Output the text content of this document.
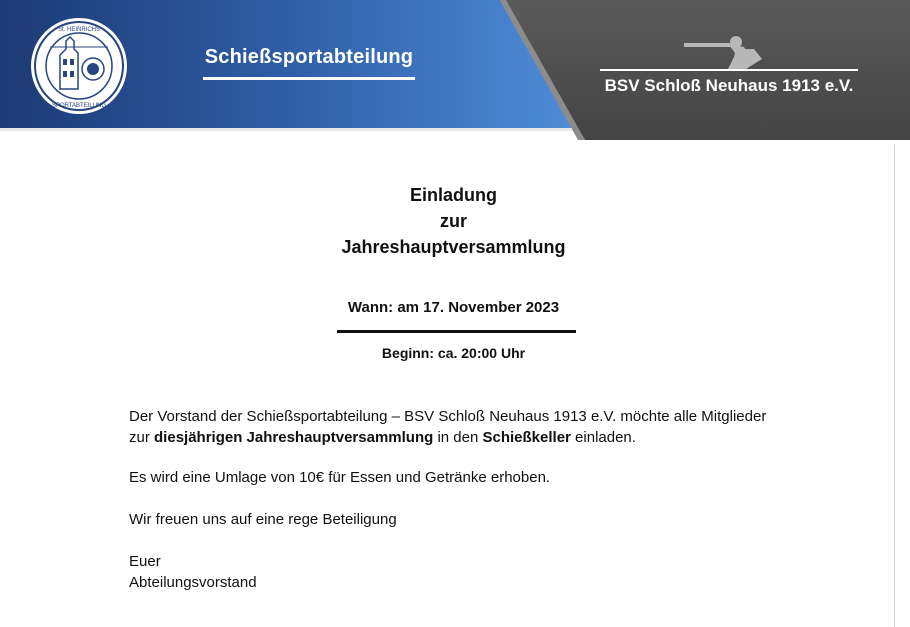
St. HEINRICHS
SPORTABTEILUNG
Schießsportabteilung
BSV Schloß Neuhaus 1913 e.V.
Einladung
zur
Jahreshauptversammlung
Wann: am 17. November 2023
Beginn: ca. 20:00 Uhr

Der Vorstand der Schießsportabteilung – BSV Schloß Neuhaus 1913 e.V. möchte alle Mitglieder
zur diesjährigen Jahreshauptversammlung in den Schießkeller einladen.

Es wird eine Umlage von 10€ für Essen und Getränke erhoben.

Wir freuen uns auf eine rege Beteiligung

Euer
Abteilungsvorstand
